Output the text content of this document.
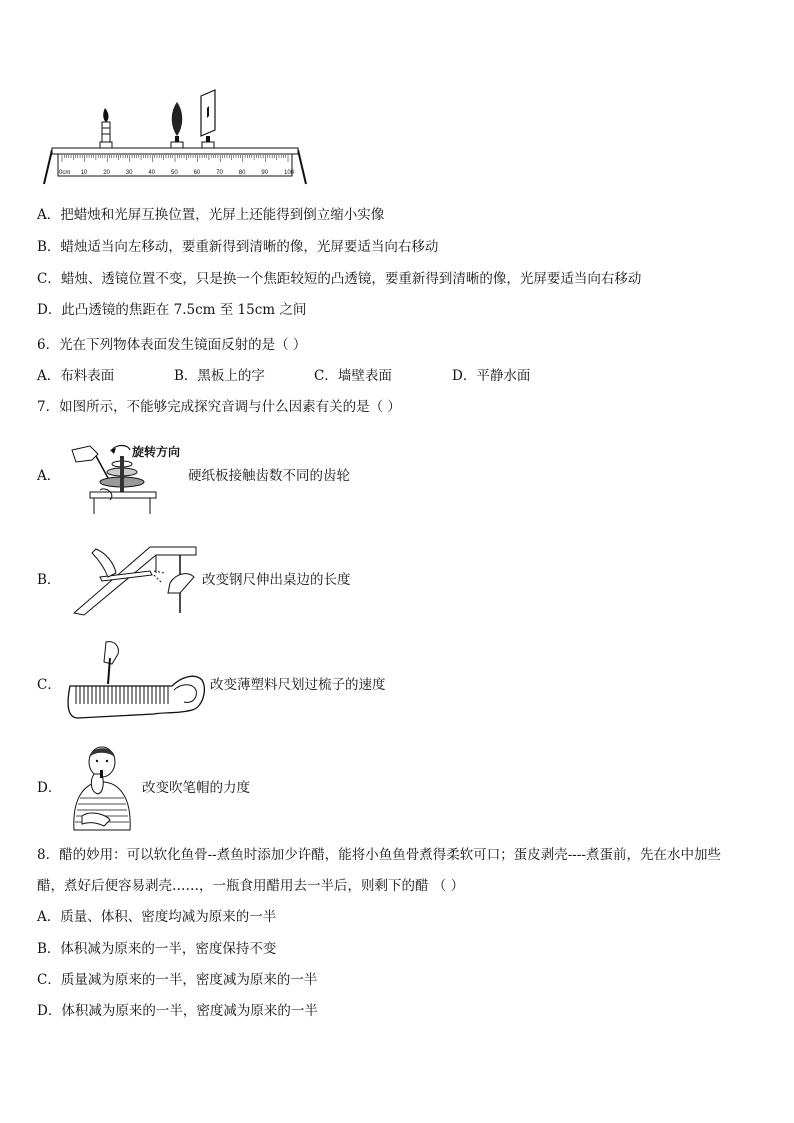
0cm 10	20	30	40	50	60	70	80	90	100
A．把蜡烛和光屏互换位置，光屏上还能得到倒立缩小实像
B．蜡烛适当向左移动，要重新得到清晰的像，光屏要适当向右移动
C．蜡烛、透镜位置不变，只是换一个焦距较短的凸透镜，要重新得到清晰的像，光屏要适当向右移动
D．此凸透镜的焦距在 7.5cm 至 15cm 之间
6．光在下列物体表面发生镜面反射的是（ ）
A．布料表面	B．黑板上的字	C．墙壁表面	D．平静水面
7．如图所示，不能够完成探究音调与什么因素有关的是（ ）
A．
旋转方向
硬纸板接触齿数不同的齿轮
B．	改变钢尺伸出桌边的长度
C．	改变薄塑料尺划过梳子的速度
D．	改变吹笔帽的力度
8．醋的妙用：可以软化鱼骨--煮鱼时添加少许醋，能将小鱼鱼骨煮得柔软可口；蛋皮剥壳----煮蛋前，先在水中加些
醋，煮好后便容易剥壳……，一瓶食用醋用去一半后，则剩下的醋 （ ）
A．质量、体积、密度均减为原来的一半
B．体积减为原来的一半，密度保持不变
C．质量减为原来的一半，密度减为原来的一半
D．体积减为原来的一半，密度减为原来的一半
